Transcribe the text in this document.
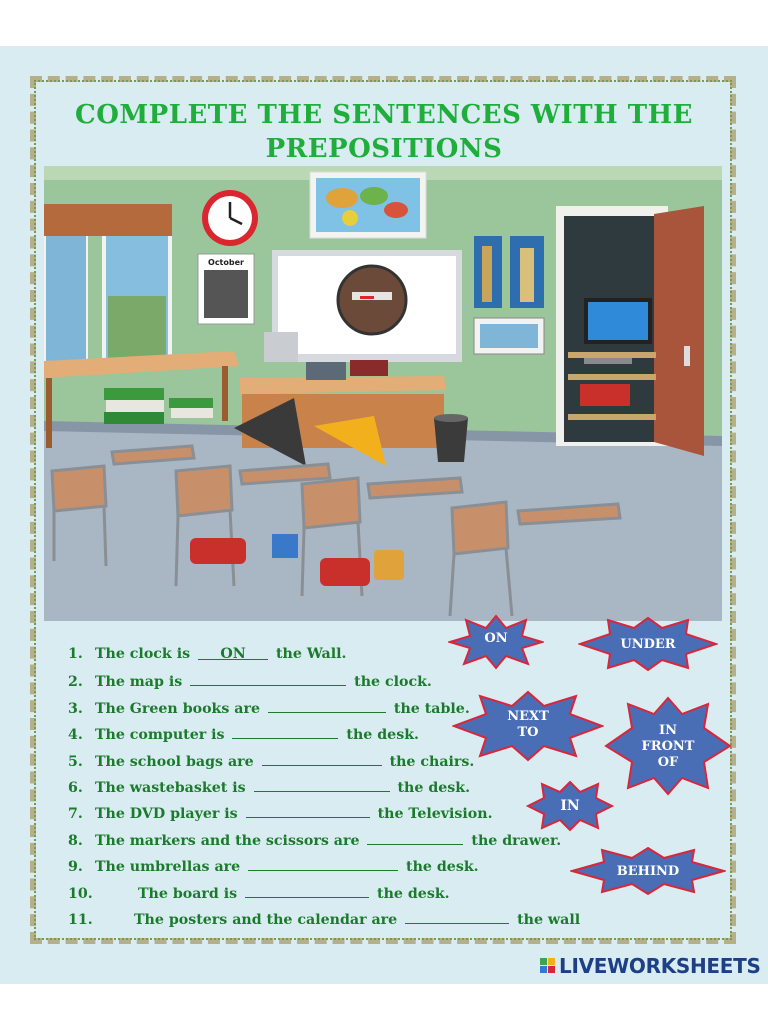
COMPLETE THE SENTENCES WITH THE
PREPOSITIONS
October
1. The clock is ON the Wall.
2. The map is	the clock.
3. The Green books are	the table.
4. The computer is	the desk.
5. The school bags are	the chairs.
6. The wastebasket is	the desk.
7. The DVD player is	the Television.
8. The markers and the scissors are	the drawer.
9. The umbrellas are	the desk.
10.	The board is	the desk.
11.	The posters and the calendar are	the wall
ON	UNDER
NEXT
TO	IN
FRONT
OF
IN
BEHIND
LIVEWORKSHEETS
